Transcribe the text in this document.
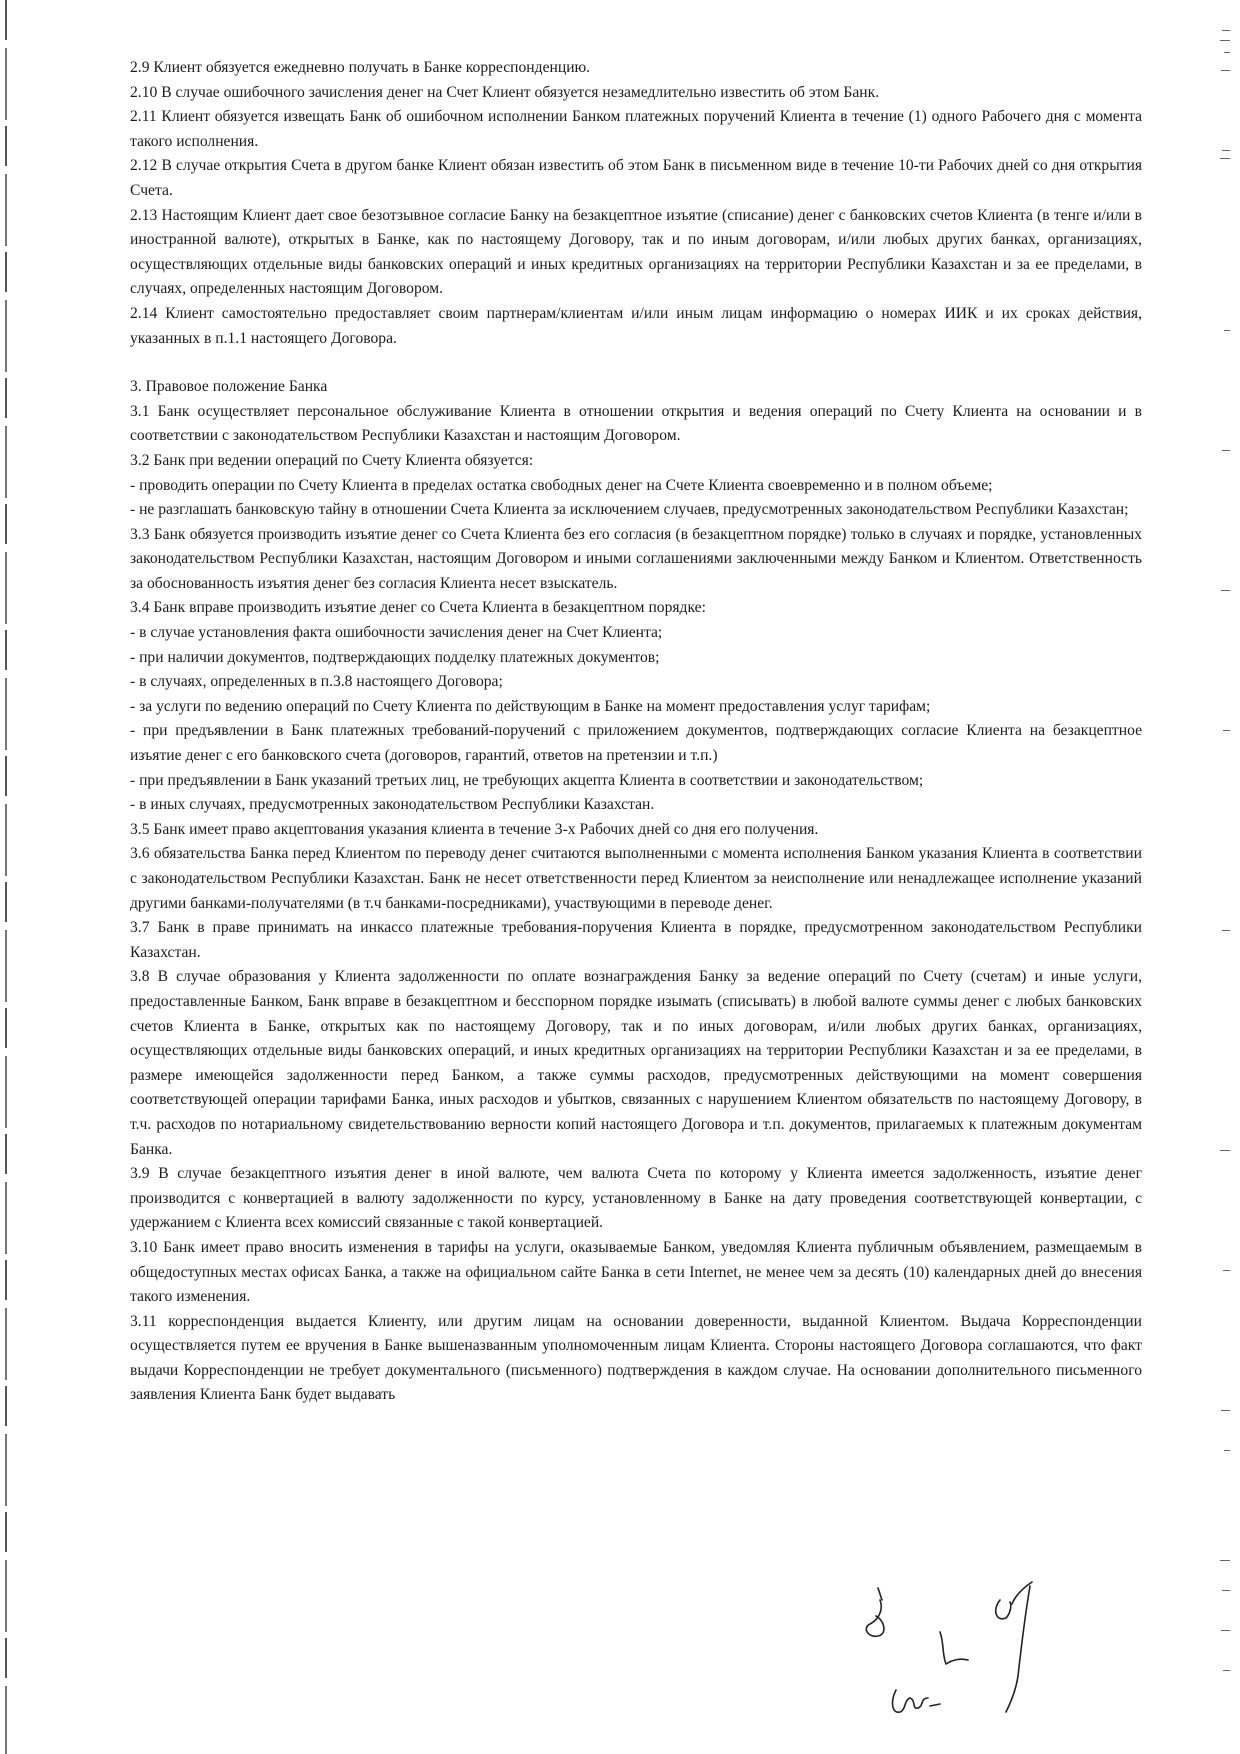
2.9 Клиент обязуется ежедневно получать в Банке корреспонденцию.

2.10 В случае ошибочного зачисления денег на Счет Клиент обязуется незамедлительно известить об этом Банк.

2.11 Клиент обязуется извещать Банк об ошибочном исполнении Банком платежных поручений Клиента в течение (1) одного Рабочего дня с момента такого исполнения.

2.12 В случае открытия Счета в другом банке Клиент обязан известить об этом Банк в письменном виде в течение 10-ти Рабочих дней со дня открытия Счета.

2.13 Настоящим Клиент дает свое безотзывное согласие Банку на безакцептное изъятие (списание) денег с банковских счетов Клиента (в тенге и/или в иностранной валюте), открытых в Банке, как по настоящему Договору, так и по иным договорам, и/или любых других банках, организациях, осуществляющих отдельные виды банковских операций и иных кредитных организациях на территории Республики Казахстан и за ее пределами, в случаях, определенных настоящим Договором.

2.14 Клиент самостоятельно предоставляет своим партнерам/клиентам и/или иным лицам информацию о номерах ИИК и их сроках действия, указанных в п.1.1 настоящего Договора.

3. Правовое положение Банка

3.1 Банк осуществляет персональное обслуживание Клиента в отношении открытия и ведения операций по Счету Клиента на основании и в соответствии с законодательством Республики Казахстан и настоящим Договором.

3.2 Банк при ведении операций по Счету Клиента обязуется:

- проводить операции по Счету Клиента в пределах остатка свободных денег на Счете Клиента своевременно и в полном объеме;

- не разглашать банковскую тайну в отношении Счета Клиента за исключением случаев, предусмотренных законодательством Республики Казахстан;

3.3 Банк обязуется производить изъятие денег со Счета Клиента без его согласия (в безакцептном порядке) только в случаях и порядке, установленных законодательством Республики Казахстан, настоящим Договором и иными соглашениями заключенными между Банком и Клиентом. Ответственность за обоснованность изъятия денег без согласия Клиента несет взыскатель.

3.4 Банк вправе производить изъятие денег со Счета Клиента в безакцептном порядке:

- в случае установления факта ошибочности зачисления денег на Счет Клиента;

- при наличии документов, подтверждающих подделку платежных документов;

- в случаях, определенных в п.3.8 настоящего Договора;

- за услуги по ведению операций по Счету Клиента по действующим в Банке на момент предоставления услуг тарифам;

- при предъявлении в Банк платежных требований-поручений с приложением документов, подтверждающих согласие Клиента на безакцептное изъятие денег с его банковского счета (договоров, гарантий, ответов на претензии и т.п.)

- при предъявлении в Банк указаний третьих лиц, не требующих акцепта Клиента в соответствии и законодательством;

- в иных случаях, предусмотренных законодательством Республики Казахстан.

3.5 Банк имеет право акцептования указания клиента в течение 3-х Рабочих дней со дня его получения.

3.6 обязательства Банка перед Клиентом по переводу денег считаются выполненными с момента исполнения Банком указания Клиента в соответствии с законодательством Республики Казахстан. Банк не несет ответственности перед Клиентом за неисполнение или ненадлежащее исполнение указаний другими банками-получателями (в т.ч банками-посредниками), участвующими в переводе денег.

3.7 Банк в праве принимать на инкассо платежные требования-поручения Клиента в порядке, предусмотренном законодательством Республики Казахстан.

3.8 В случае образования у Клиента задолженности по оплате вознаграждения Банку за ведение операций по Счету (счетам) и иные услуги, предоставленные Банком, Банк вправе в безакцептном и бесспорном порядке изымать (списывать) в любой валюте суммы денег с любых банковских счетов Клиента в Банке, открытых как по настоящему Договору, так и по иных договорам, и/или любых других банках, организациях, осуществляющих отдельные виды банковских операций, и иных кредитных организациях на территории Республики Казахстан и за ее пределами, в размере имеющейся задолженности перед Банком, а также суммы расходов, предусмотренных действующими на момент совершения соответствующей операции тарифами Банка, иных расходов и убытков, связанных с нарушением Клиентом обязательств по настоящему Договору, в т.ч. расходов по нотариальному свидетельствованию верности копий настоящего Договора и т.п. документов, прилагаемых к платежным документам Банка.

3.9 В случае безакцептного изъятия денег в иной валюте, чем валюта Счета по которому у Клиента имеется задолженность, изъятие денег производится с конвертацией в валюту задолженности по курсу, установленному в Банке на дату проведения соответствующей конвертации, с удержанием с Клиента всех комиссий связанные с такой конвертацией.

3.10 Банк имеет право вносить изменения в тарифы на услуги, оказываемые Банком, уведомляя Клиента публичным объявлением, размещаемым в общедоступных местах офисах Банка, а также на официальном сайте Банка в сети Internet, не менее чем за десять (10) календарных дней до внесения такого изменения.

3.11 корреспонденция выдается Клиенту, или другим лицам на основании доверенности, выданной Клиентом. Выдача Корреспонденции осуществляется путем ее вручения в Банке вышеназванным уполномоченным лицам Клиента. Стороны настоящего Договора соглашаются, что факт выдачи Корреспонденции не требует документального (письменного) подтверждения в каждом случае. На основании дополнительного письменного заявления Клиента Банк будет выдавать
